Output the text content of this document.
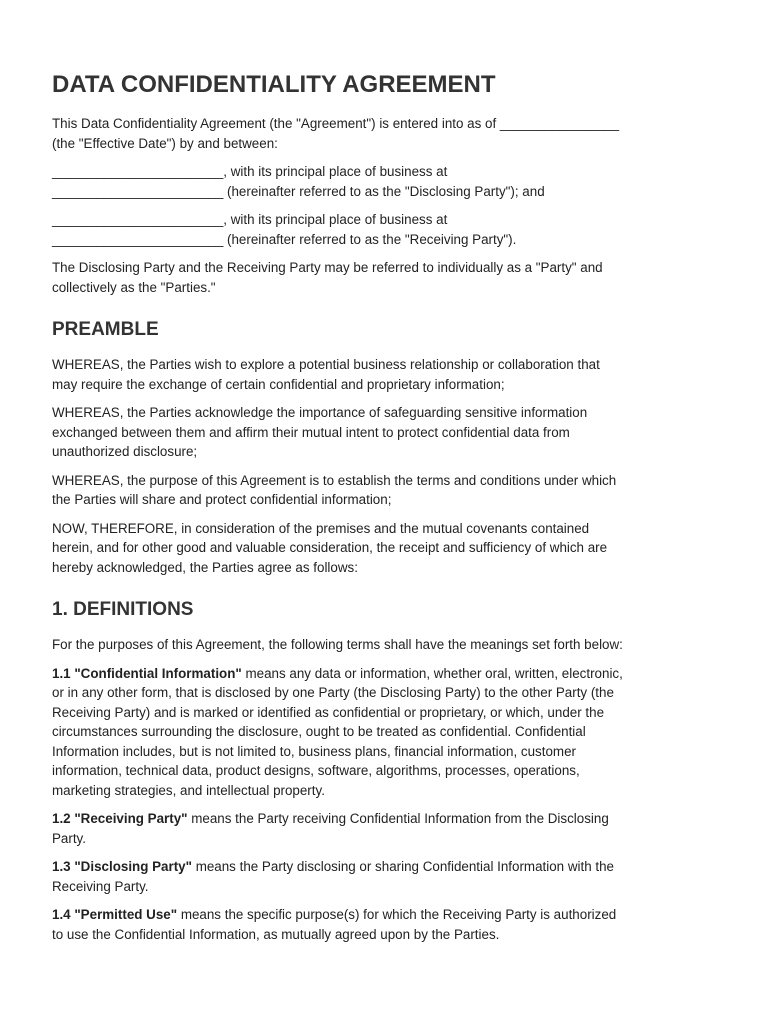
DATA CONFIDENTIALITY AGREEMENT

This Data Confidentiality Agreement (the "Agreement") is entered into as of ________________
(the "Effective Date") by and between:

_______________________, with its principal place of business at
_______________________ (hereinafter referred to as the "Disclosing Party"); and

_______________________, with its principal place of business at
_______________________ (hereinafter referred to as the "Receiving Party").

The Disclosing Party and the Receiving Party may be referred to individually as a "Party" and
collectively as the "Parties."

PREAMBLE

WHEREAS, the Parties wish to explore a potential business relationship or collaboration that
may require the exchange of certain confidential and proprietary information;

WHEREAS, the Parties acknowledge the importance of safeguarding sensitive information
exchanged between them and affirm their mutual intent to protect confidential data from
unauthorized disclosure;

WHEREAS, the purpose of this Agreement is to establish the terms and conditions under which
the Parties will share and protect confidential information;

NOW, THEREFORE, in consideration of the premises and the mutual covenants contained
herein, and for other good and valuable consideration, the receipt and sufficiency of which are
hereby acknowledged, the Parties agree as follows:

1. DEFINITIONS

For the purposes of this Agreement, the following terms shall have the meanings set forth below:

1.1 "Confidential Information" means any data or information, whether oral, written, electronic,
or in any other form, that is disclosed by one Party (the Disclosing Party) to the other Party (the
Receiving Party) and is marked or identified as confidential or proprietary, or which, under the
circumstances surrounding the disclosure, ought to be treated as confidential. Confidential
Information includes, but is not limited to, business plans, financial information, customer
information, technical data, product designs, software, algorithms, processes, operations,
marketing strategies, and intellectual property.

1.2 "Receiving Party" means the Party receiving Confidential Information from the Disclosing
Party.

1.3 "Disclosing Party" means the Party disclosing or sharing Confidential Information with the
Receiving Party.

1.4 "Permitted Use" means the specific purpose(s) for which the Receiving Party is authorized
to use the Confidential Information, as mutually agreed upon by the Parties.
